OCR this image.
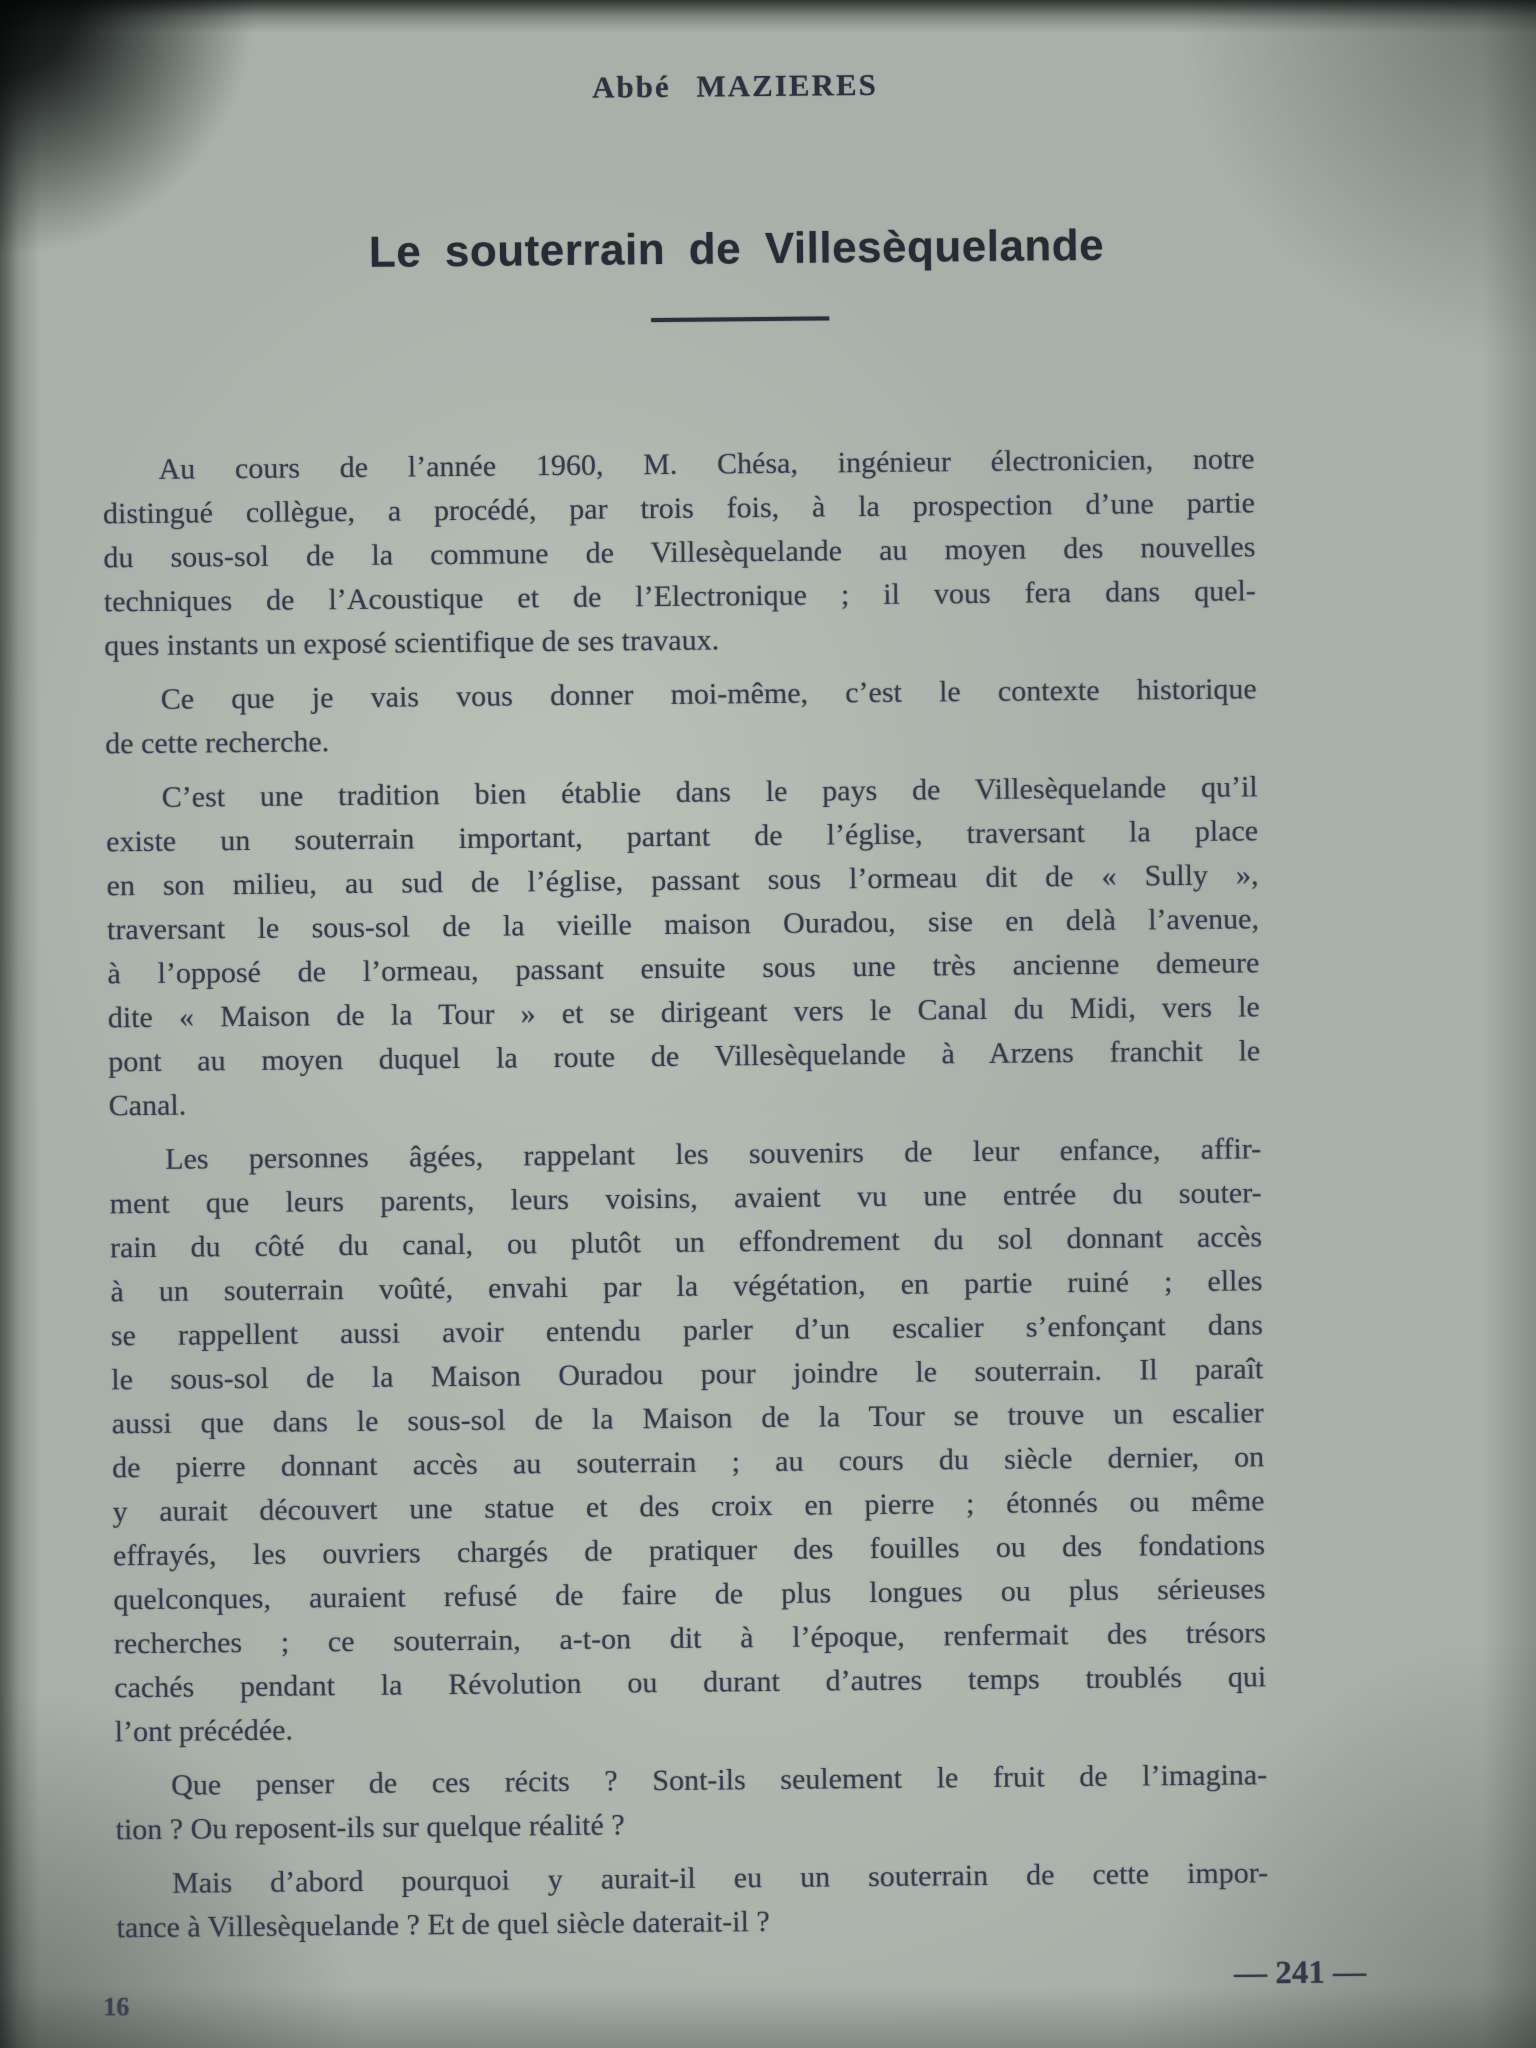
Abbé MAZIERES
Le souterrain de Villesèquelande
Au cours de l’année 1960, M. Chésa, ingénieur électronicien, notre
distingué collègue, a procédé, par trois fois, à la prospection d’une partie
du sous-sol de la commune de Villesèquelande au moyen des nouvelles
techniques de l’Acoustique et de l’Electronique ; il vous fera dans quel-
ques instants un exposé scientifique de ses travaux.
Ce que je vais vous donner moi-même, c’est le contexte historique
de cette recherche.
C’est une tradition bien établie dans le pays de Villesèquelande qu’il
existe un souterrain important, partant de l’église, traversant la place
en son milieu, au sud de l’église, passant sous l’ormeau dit de « Sully »,
traversant le sous-sol de la vieille maison Ouradou, sise en delà l’avenue,
à l’opposé de l’ormeau, passant ensuite sous une très ancienne demeure
dite « Maison de la Tour » et se dirigeant vers le Canal du Midi, vers le
pont au moyen duquel la route de Villesèquelande à Arzens franchit le
Canal.
Les personnes âgées, rappelant les souvenirs de leur enfance, affir-
ment que leurs parents, leurs voisins, avaient vu une entrée du souter-
rain du côté du canal, ou plutôt un effondrement du sol donnant accès
à un souterrain voûté, envahi par la végétation, en partie ruiné ; elles
se rappellent aussi avoir entendu parler d’un escalier s’enfonçant dans
le sous-sol de la Maison Ouradou pour joindre le souterrain. Il paraît
aussi que dans le sous-sol de la Maison de la Tour se trouve un escalier
de pierre donnant accès au souterrain ; au cours du siècle dernier, on
y aurait découvert une statue et des croix en pierre ; étonnés ou même
effrayés, les ouvriers chargés de pratiquer des fouilles ou des fondations
quelconques, auraient refusé de faire de plus longues ou plus sérieuses
recherches ; ce souterrain, a-t-on dit à l’époque, renfermait des trésors
cachés pendant la Révolution ou durant d’autres temps troublés qui
l’ont précédée.
Que penser de ces récits ? Sont-ils seulement le fruit de l’imagina-
tion ? Ou reposent-ils sur quelque réalité ?
Mais d’abord pourquoi y aurait-il eu un souterrain de cette impor-
tance à Villesèquelande ? Et de quel siècle daterait-il ?
16
— 241 —
